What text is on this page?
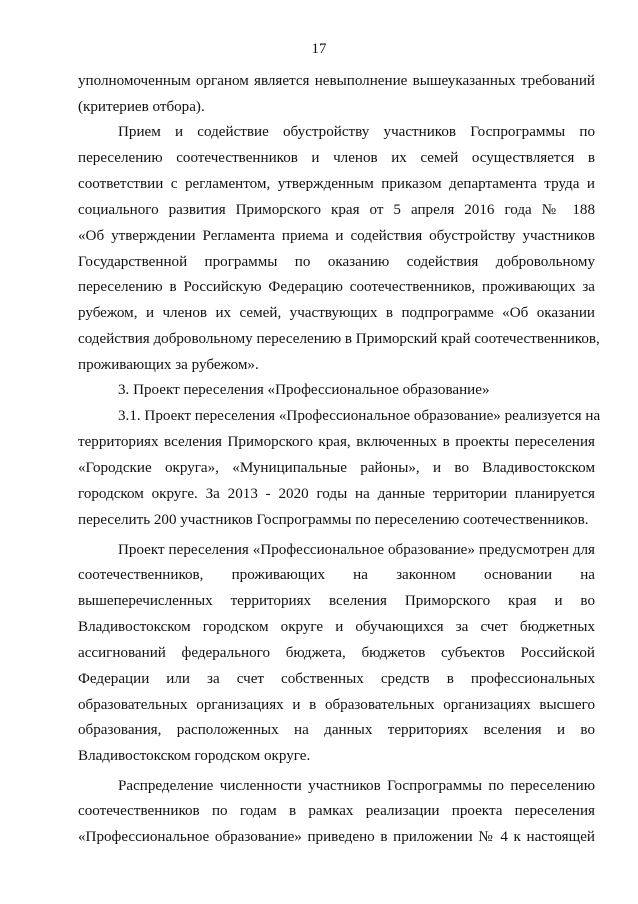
17
уполномоченным органом является невыполнение вышеуказанных требований
(критериев отбора).
Прием и содействие обустройству участников Госпрограммы по
переселению соотечественников и членов их семей осуществляется в
соответствии с регламентом, утвержденным приказом департамента труда и
социального развития Приморского края от 5 апреля 2016 года № 188
«Об утверждении Регламента приема и содействия обустройству участников
Государственной программы по оказанию содействия добровольному
переселению в Российскую Федерацию соотечественников, проживающих за
рубежом, и членов их семей, участвующих в подпрограмме «Об оказании
содействия добровольному переселению в Приморский край соотечественников,
проживающих за рубежом».
3. Проект переселения «Профессиональное образование»
3.1. Проект переселения «Профессиональное образование» реализуется на
территориях вселения Приморского края, включенных в проекты переселения
«Городские округа», «Муниципальные районы», и во Владивостокском
городском округе. За 2013 - 2020 годы на данные территории планируется
переселить 200 участников Госпрограммы по переселению соотечественников.
Проект переселения «Профессиональное образование» предусмотрен для
соотечественников, проживающих на законном основании на
вышеперечисленных территориях вселения Приморского края и во
Владивостокском городском округе и обучающихся за счет бюджетных
ассигнований федерального бюджета, бюджетов субъектов Российской
Федерации или за счет собственных средств в профессиональных
образовательных организациях и в образовательных организациях высшего
образования, расположенных на данных территориях вселения и во
Владивостокском городском округе.
Распределение численности участников Госпрограммы по переселению
соотечественников по годам в рамках реализации проекта переселения
«Профессиональное образование» приведено в приложении № 4 к настоящей
